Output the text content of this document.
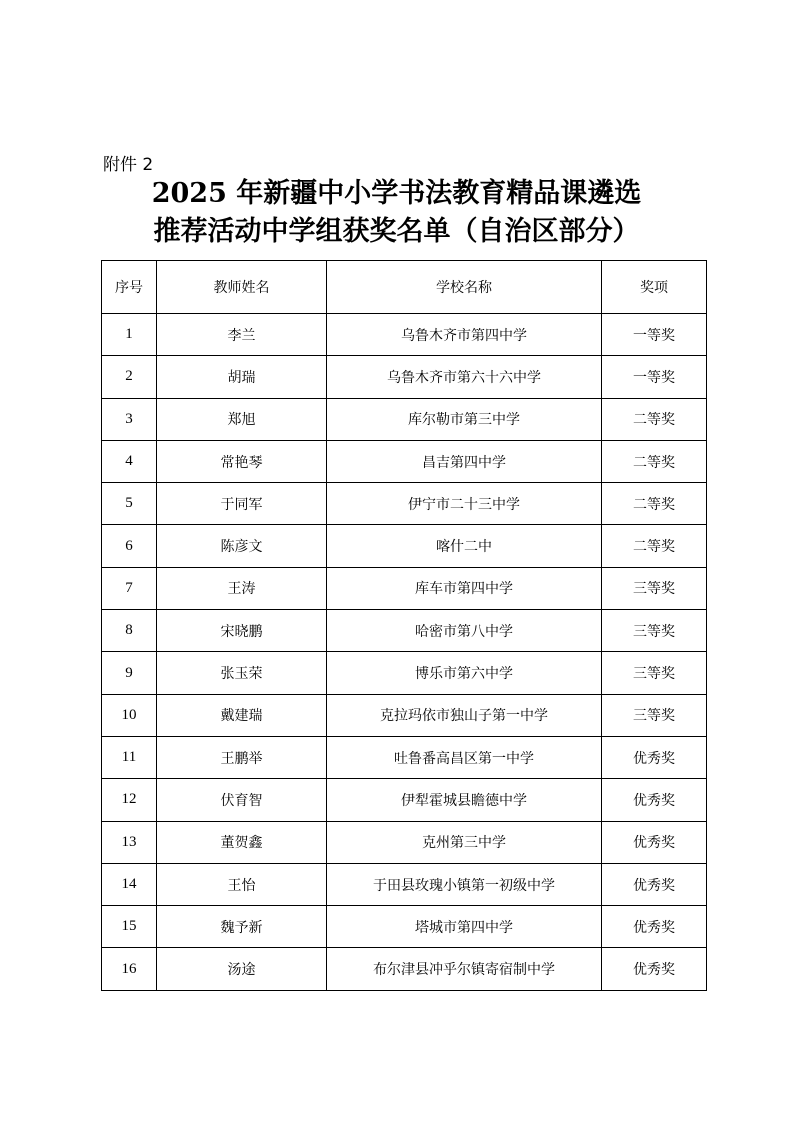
附件 2
2025 年新疆中小学书法教育精品课遴选
推荐活动中学组获奖名单（自治区部分）
序号	教师姓名	学校名称	奖项
1	李兰	乌鲁木齐市第四中学	一等奖
2	胡瑞	乌鲁木齐市第六十六中学	一等奖
3	郑旭	库尔勒市第三中学	二等奖
4	常艳琴	昌吉第四中学	二等奖
5	于同军	伊宁市二十三中学	二等奖
6	陈彦文	喀什二中	二等奖
7	王涛	库车市第四中学	三等奖
8	宋晓鹏	哈密市第八中学	三等奖
9	张玉荣	博乐市第六中学	三等奖
10	戴建瑞	克拉玛依市独山子第一中学	三等奖
11	王鹏举	吐鲁番高昌区第一中学	优秀奖
12	伏育智	伊犁霍城县瞻德中学	优秀奖
13	董贺鑫	克州第三中学	优秀奖
14	王怡	于田县玫瑰小镇第一初级中学	优秀奖
15	魏予新	塔城市第四中学	优秀奖
16	汤途	布尔津县冲乎尔镇寄宿制中学	优秀奖
